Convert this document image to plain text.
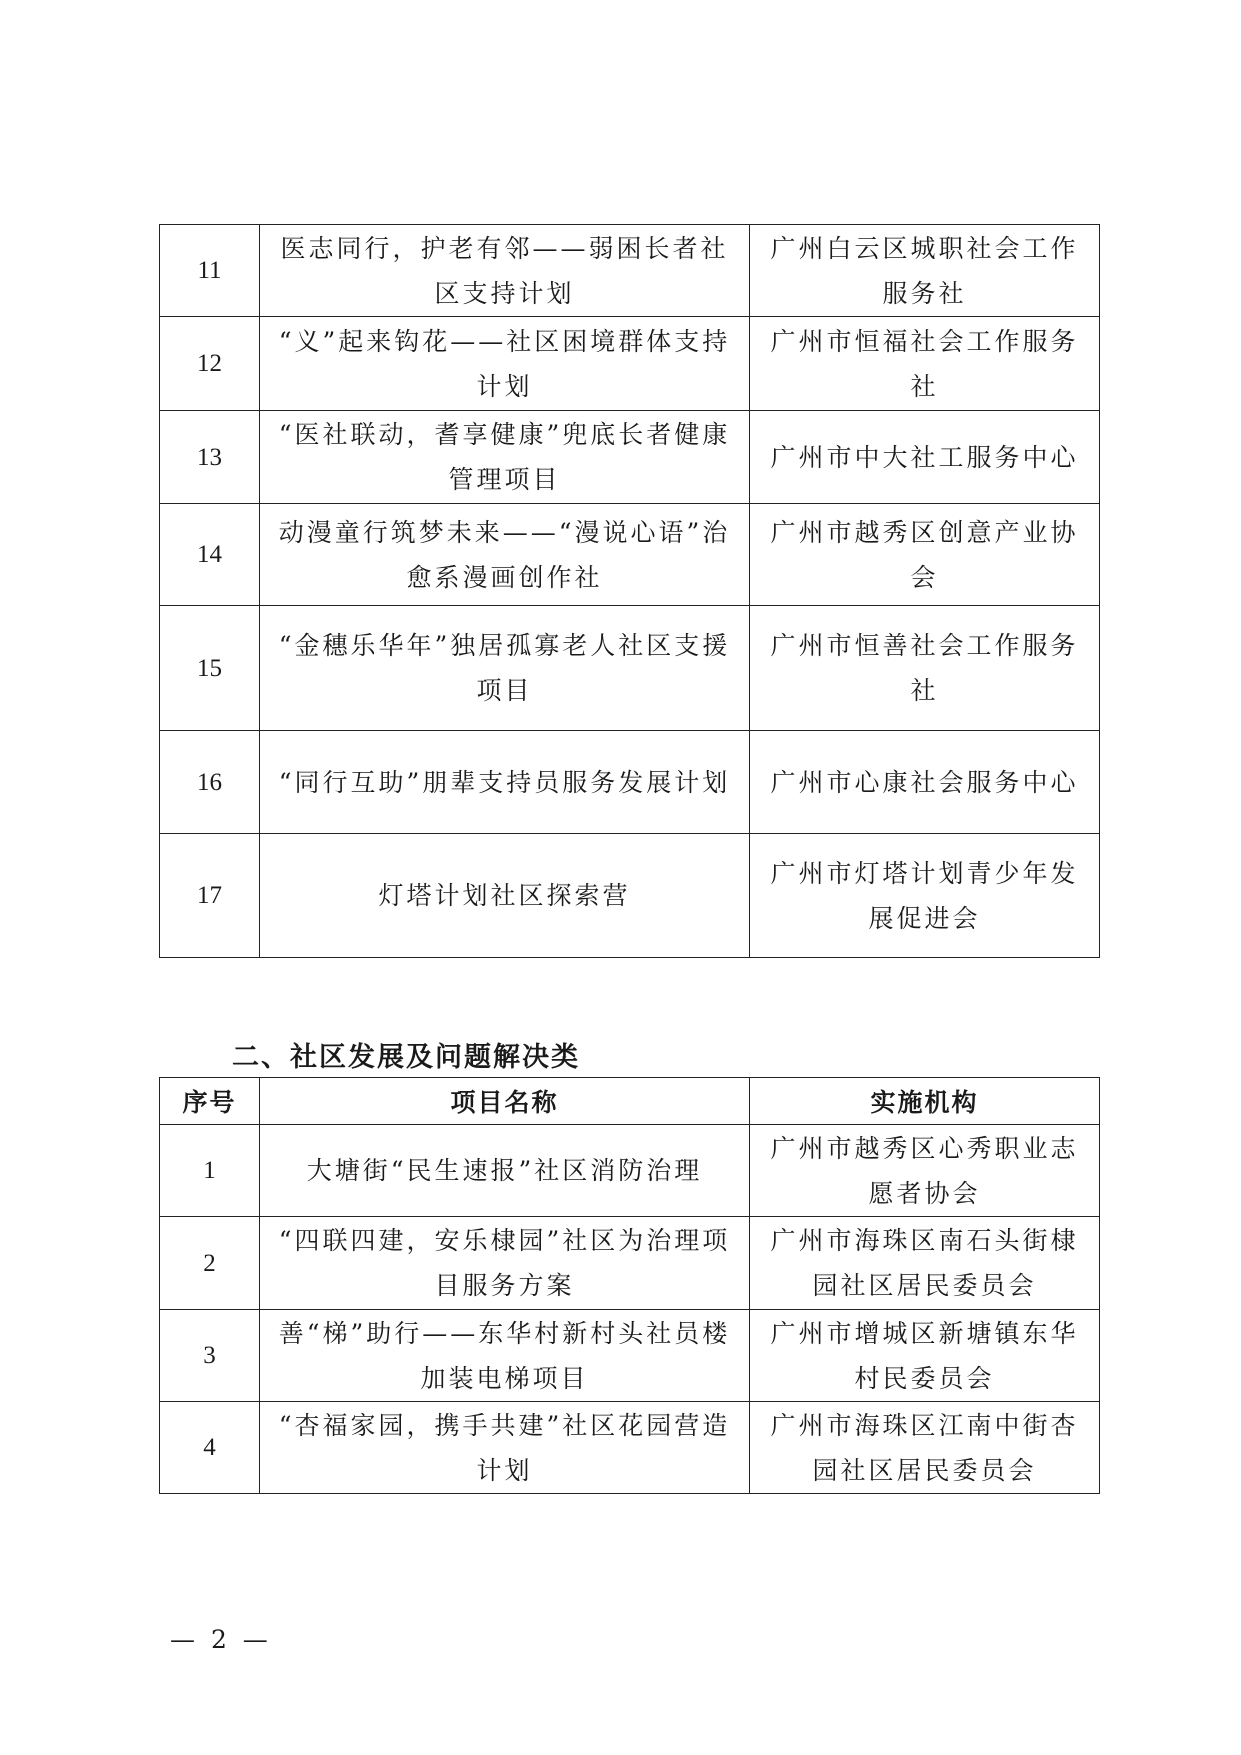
11	医志同行，护老有邻——弱困长者社区支持计划	广州白云区城职社会工作服务社
12	“义”起来钩花——社区困境群体支持计划	广州市恒福社会工作服务社
13	“医社联动，耆享健康”兜底长者健康管理项目	广州市中大社工服务中心
14	动漫童行筑梦未来——“漫说心语”治愈系漫画创作社	广州市越秀区创意产业协会
15	“金穗乐华年”独居孤寡老人社区支援项目	广州市恒善社会工作服务社
16	“同行互助”朋辈支持员服务发展计划	广州市心康社会服务中心
17	灯塔计划社区探索营	广州市灯塔计划青少年发展促进会
二、社区发展及问题解决类
序号	项目名称	实施机构
1	大塘街“民生速报”社区消防治理	广州市越秀区心秀职业志愿者协会
2	“四联四建，安乐棣园”社区为治理项目服务方案	广州市海珠区南石头街棣园社区居民委员会
3	善“梯”助行——东华村新村头社员楼加装电梯项目	广州市增城区新塘镇东华村民委员会
4	“杏福家园，携手共建”社区花园营造计划	广州市海珠区江南中街杏园社区居民委员会
— 2 —
